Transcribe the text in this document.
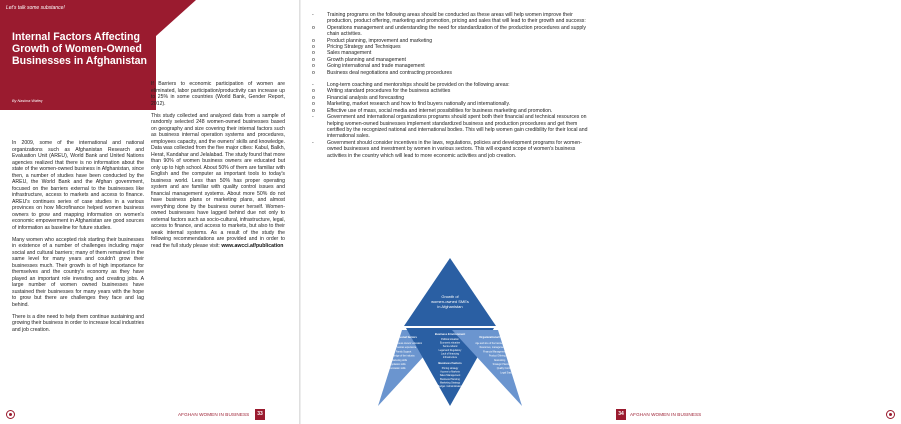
Let's talk some substance!
Internal Factors Affecting Growth of Women-Owned Businesses in Afghanistan
By Nasima Wafeq

In 2009, some of the international and national organizations such as Afghanistan Research and Evaluation Unit (AREU), World Bank and United Nations agencies realized that there is no information about the state of the women-owned business in Afghanistan, since then, a number of studies have been conducted by the AREU, the World Bank and the Afghan government, focused on the barriers external to the businesses like infrastructure, access to markets and access to finance. AREU's continues series of case studies in a various provinces on how Microfinance helped women business owners to grow and mapping information on women's economic empowerment in Afghanistan are good sources of information as baseline for future studies.

Many women who accepted risk starting their businesses in existence of a number of challenges including major social and cultural barriers; many of them remained in the same level for many years and couldn't grow their businesses much. Their growth is of high importance for themselves and the country's economy as they have played an important role investing and creating jobs. A large number of women owned businesses have sustained their businesses for many years with the hope to grow but there are challenges they face and lag behind.

There is a dire need to help them continue sustaining and growing their business in order to increase local industries and job creation.

If Barriers to economic participation of women are eliminated, labor participation/productivity can increase up to 25% in some countries (World Bank, Gender Report, 2012).

This study collected and analyzed data from a sample of randomly selected 248 women-owned businesses based on geography and size covering their internal factors such as business internal operation systems and procedures, employees capacity, and the owners' skills and knowledge. Data was collected from the five major cities: Kabul, Balkh, Herat, Kandahar and Jelalabad. The study found that more than 90% of women business owners are educated but only up to high school. About 50% of them are familiar with English and the computer as important tools to today's business world. Less than 50% has proper operating system and are familiar with quality control issues and financial management systems. About more 50% do not have business plans or marketing plans, and almost everything done by the business owner herself. Women-owned businesses have lagged behind due not only to external factors such as socio-cultural, infrastructure, legal, access to finance, and access to markets, but also to their weak internal systems. As a result of the study the following recommendations are provided and in order to read the full study please visit: www.awcci.af/publication

AFGHAN WOMEN IN BUSINESS	33
-	Training programs on the following areas should be conducted as these areas will help women improve their production, product offering, marketing and promotion, pricing and sales that will lead to their growth and success:
o Operations management and understanding the need for standardization of the production procedures and supply chain activities.
o Product planning, improvement and marketing
o Pricing Strategy and Techniques
o Sales management
o Growth planning and management
o Going international and trade management
o Business deal negotiations and contracting procedures
-	Long-term coaching and mentorships should be provided on the following areas:
o Writing standard procedures for the business activities
o Financial analysis and forecasting
o Marketing, market research and how to find buyers nationally and internationally.
o Effective use of mass, social media and internet possibilities for business marketing and promotion.
-	Government and international organizations programs should spent both their financial and technical resources on helping women-owned businesses implement standardized business and production procedures and get them certified by the recognized national and international bodies. This will help women gain credibility for their local and international sales.
-	Government should consider incentives in the laws, regulations, policies and development programs for women-owned businesses and investment by women in various sectors. This will expand scope of women's business activities in the country which will lead to more economic activities and job creation.
Growth of women-owned SMEs in Afghanistan
Personal factors
Business owners' education
Previous experience
Family Support
Knowledge of the industry
Marketing skills
Negotiation skills
Communication skills
Business Environment
Political situation
Economic situation
Socio-cultural
Legal and Regulatory
Lack of financing
Infrastructure
Business Factors
Pricing strategy
Access to Markets
Sales Management
Business Planning
Marketing Strategy
Budget / Administration
Organizational factors
Age and size of the business
Resources, management
Financial Management
Product Offering
Networking
Strategic Planning
Quality Control
Legal Status
34	AFGHAN WOMEN IN BUSINESS
